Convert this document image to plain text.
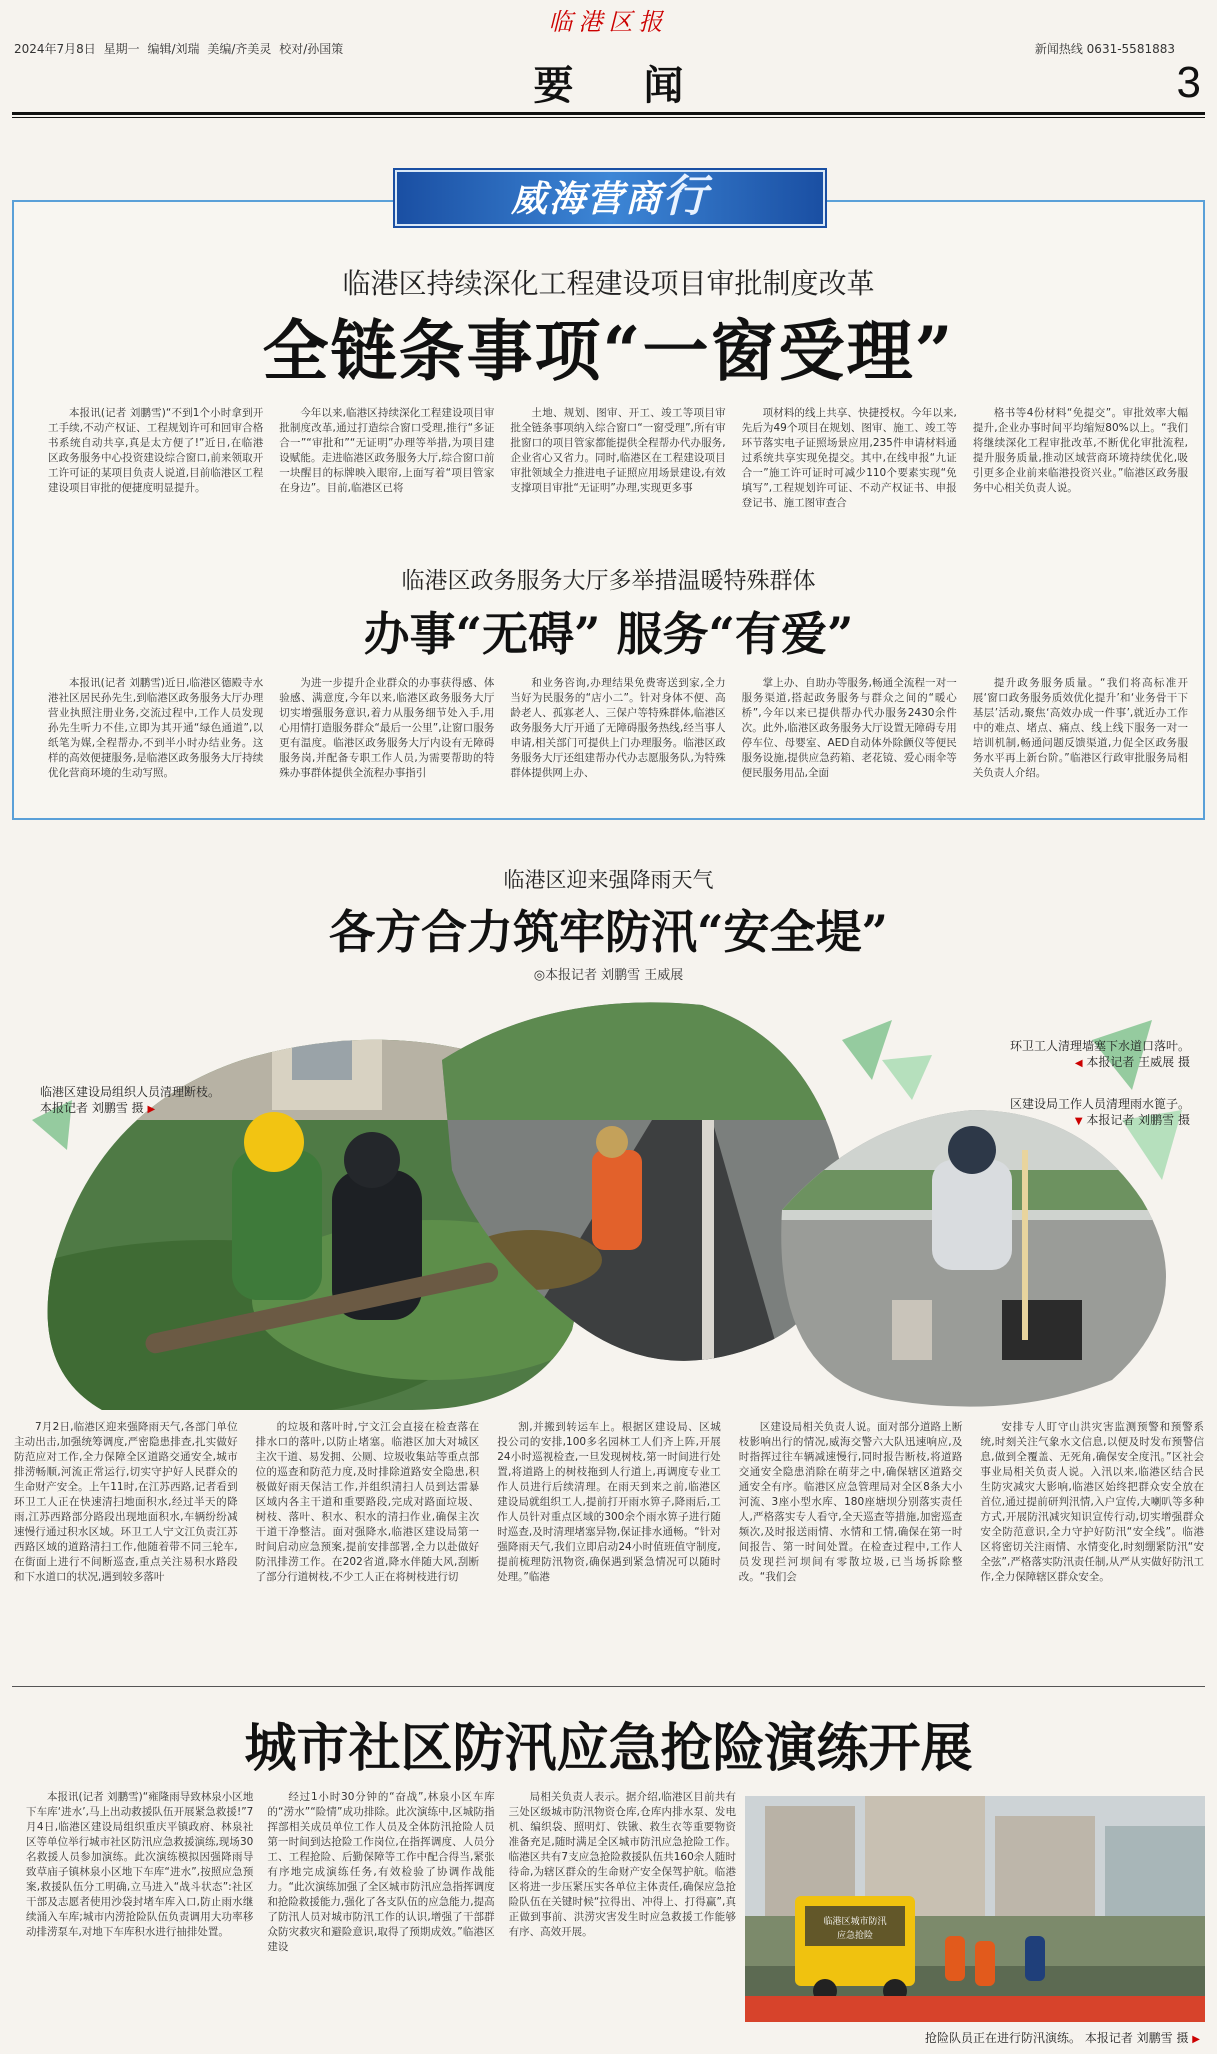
2024年7月8日 星期一 编辑/刘瑞 美编/齐美灵 校对/孙国策
临港区报
要闻
新闻热线 0631-5581883
3
威海营商行
临港区持续深化工程建设项目审批制度改革
全链条事项“一窗受理”

本报讯(记者 刘鹏雪)“不到1个小时拿到开工手续,不动产权证、工程规划许可和回审合格书系统自动共享,真是太方便了!”近日,在临港区政务服务中心投资建设综合窗口,前来领取开工许可证的某项目负责人说道,目前临港区工程建设项目审批的便捷度明显提升。

今年以来,临港区持续深化工程建设项目审批制度改革,通过打造综合窗口受理,推行“多证合一”“审批和”“无证明”办理等举措,为项目建设赋能。走进临港区政务服务大厅,综合窗口前一块醒目的标牌映入眼帘,上面写着“项目管家在身边”。目前,临港区已将

土地、规划、图审、开工、竣工等项目审批全链条事项纳入综合窗口“一窗受理”,所有审批窗口的项目管家都能提供全程帮办代办服务,企业省心又省力。同时,临港区在工程建设项目审批领域全力推进电子证照应用场景建设,有效支撑项目审批“无证明”办理,实现更多事

项材料的线上共享、快捷授权。今年以来,先后为49个项目在规划、图审、施工、竣工等环节落实电子证照场景应用,235件申请材料通过系统共享实现免提交。其中,在线申报“九证合一”施工许可证时可减少110个要素实现“免填写”,工程规划许可证、不动产权证书、申报登记书、施工图审查合

格书等4份材料“免提交”。审批效率大幅提升,企业办事时间平均缩短80%以上。“我们将继续深化工程审批改革,不断优化审批流程,提升服务质量,推动区域营商环境持续优化,吸引更多企业前来临港投资兴业。”临港区政务服务中心相关负责人说。

临港区政务服务大厅多举措温暖特殊群体
办事“无碍” 服务“有爱”

本报讯(记者 刘鹏雪)近日,临港区德殿寺水港社区居民孙先生,到临港区政务服务大厅办理营业执照注册业务,交流过程中,工作人员发现孙先生听力不佳,立即为其开通“绿色通道”,以纸笔为媒,全程帮办,不到半小时办结业务。这样的高效便捷服务,是临港区政务服务大厅持续优化营商环境的生动写照。

为进一步提升企业群众的办事获得感、体验感、满意度,今年以来,临港区政务服务大厅切实增强服务意识,着力从服务细节处入手,用心用情打造服务群众“最后一公里”,让窗口服务更有温度。临港区政务服务大厅内设有无障碍服务岗,并配备专职工作人员,为需要帮助的特殊办事群体提供全流程办事指引

和业务咨询,办理结果免费寄送到家,全力当好为民服务的“店小二”。针对身体不便、高龄老人、孤寡老人、三保户等特殊群体,临港区政务服务大厅开通了无障碍服务热线,经当事人申请,相关部门可提供上门办理服务。临港区政务服务大厅还组建帮办代办志愿服务队,为特殊群体提供网上办、

掌上办、自助办等服务,畅通全流程一对一服务渠道,搭起政务服务与群众之间的“暖心桥”,今年以来已提供帮办代办服务2430余件次。此外,临港区政务服务大厅设置无障碍专用停车位、母婴室、AED自动体外除颤仪等便民服务设施,提供应急药箱、老花镜、爱心雨伞等便民服务用品,全面

提升政务服务质量。“我们将高标准开展‘窗口政务服务质效优化提升’和‘业务骨干下基层’活动,聚焦‘高效办成一件事’,就近办工作中的难点、堵点、痛点、线上线下服务一对一培训机制,畅通问题反馈渠道,力促全区政务服务水平再上新台阶。”临港区行政审批服务局相关负责人介绍。

临港区迎来强降雨天气
各方合力筑牢防汛“安全堤”
◎本报记者 刘鹏雪 王威展
临港区建设局组织人员清理断枝。
本报记者 刘鹏雪 摄 ▶
环卫工人清理墙塞下水道口落叶。
◀ 本报记者 王威展 摄
区建设局工作人员清理雨水篦子。
▼ 本报记者 刘鹏雪 摄

7月2日,临港区迎来强降雨天气,各部门单位主动出击,加强统筹调度,严密隐患排查,扎实做好防范应对工作,全力保障全区道路交通安全,城市排涝畅顺,河流正常运行,切实守护好人民群众的生命财产安全。上午11时,在江苏西路,记者看到环卫工人正在快速清扫地面积水,经过半天的降雨,江苏西路部分路段出现地面积水,车辆纷纷减速慢行通过积水区域。环卫工人宁文江负责江苏西路区域的道路清扫工作,他随着带不同三轮车,在街面上进行不间断巡查,重点关注易积水路段和下水道口的状况,遇到较多落叶

的垃圾和落叶时,宁文江会直接在检查落在排水口的落叶,以防止堵塞。临港区加大对城区主次干道、易发拥、公厕、垃圾收集站等重点部位的巡查和防范力度,及时排除道路安全隐患,积极做好雨天保洁工作,并组织清扫人员到达雷暴区域内各主干道和重要路段,完成对路面垃圾、树枝、落叶、积水、积水的清扫作业,确保主次干道干净整洁。面对强降水,临港区建设局第一时间启动应急预案,提前安排部署,全力以赴做好防汛排涝工作。在202省道,降水伴随大风,刮断了部分行道树枝,不少工人正在将树枝进行切

割,并搬到转运车上。根据区建设局、区城投公司的安排,100多名园林工人们齐上阵,开展24小时巡视检查,一旦发现树枝,第一时间进行处置,将道路上的树枝拖到人行道上,再调度专业工作人员进行后续清理。在雨天到来之前,临港区建设局就组织工人,提前打开雨水箅子,降雨后,工作人员针对重点区域的300余个雨水箅子进行随时巡查,及时清理堵塞异物,保证排水通畅。“针对强降雨天气,我们立即启动24小时值班值守制度,提前梳理防汛物资,确保遇到紧急情况可以随时处理。”临港

区建设局相关负责人说。面对部分道路上断枝影响出行的情况,威海交警六大队迅速响应,及时指挥过往车辆减速慢行,同时报告断枝,将道路交通安全隐患消除在萌芽之中,确保辖区道路交通安全有序。临港区应急管理局对全区8条大小河流、3座小型水库、180座塘坝分别落实责任人,严格落实专人看守,全天巡查等措施,加密巡查频次,及时报送雨情、水情和工情,确保在第一时间报告、第一时间处置。在检查过程中,工作人员发现拦河坝间有零散垃圾,已当场拆除整改。“我们会

安排专人盯守山洪灾害监测预警和预警系统,时刻关注气象水文信息,以便及时发布预警信息,做到全覆盖、无死角,确保安全度汛。”区社会事业局相关负责人说。入汛以来,临港区结合民生防灾减灾大影响,临港区始终把群众安全放在首位,通过提前研判汛情,入户宣传,大喇叭等多种方式,开展防汛减灾知识宣传行动,切实增强群众安全防范意识,全力守护好防汛“安全线”。临港区将密切关注雨情、水情变化,时刻绷紧防汛“安全弦”,严格落实防汛责任制,从严从实做好防汛工作,全力保障辖区群众安全。

城市社区防汛应急抢险演练开展

本报讯(记者 刘鹏雪)“雍隆雨导致林泉小区地下车库‘进水’,马上出动救援队伍开展紧急救援!”7月4日,临港区建设局组织重庆平镇政府、林泉社区等单位举行城市社区防汛应急救援演练,现场30名救援人员参加演练。此次演练模拟因强降雨导致草庙子镇林泉小区地下车库“进水”,按照应急预案,救援队伍分工明确,立马进入“战斗状态”:社区干部及志愿者使用沙袋封堵车库入口,防止雨水继续涌入车库;城市内涝抢险队伍负责调用大功率移动排涝泵车,对地下车库积水进行抽排处置。

经过1小时30分钟的“奋战”,林泉小区车库的“涝水”“险情”成功排除。此次演练中,区城防指挥部相关成员单位工作人员及全体防汛抢险人员第一时间到达抢险工作岗位,在指挥调度、人员分工、工程抢险、后勤保障等工作中配合得当,紧张有序地完成演练任务,有效检验了协调作战能力。“此次演练加强了全区城市防汛应急指挥调度和抢险救援能力,强化了各支队伍的应急能力,提高了防汛人员对城市防汛工作的认识,增强了干部群众防灾救灾和避险意识,取得了预期成效。”临港区建设

局相关负责人表示。据介绍,临港区目前共有三处区级城市防汛物资仓库,仓库内排水泵、发电机、编织袋、照明灯、铁锹、救生衣等重要物资准备充足,随时满足全区城市防汛应急抢险工作。临港区共有7支应急抢险救援队伍共160余人随时待命,为辖区群众的生命财产安全保驾护航。临港区将进一步压紧压实各单位主体责任,确保应急抢险队伍在关键时候“拉得出、冲得上、打得赢”,真正做到事前、洪涝灾害发生时应急救援工作能够有序、高效开展。

临港区城市防汛
应急抢险
抢险队员正在进行防汛演练。 本报记者 刘鹏雪 摄 ▶
